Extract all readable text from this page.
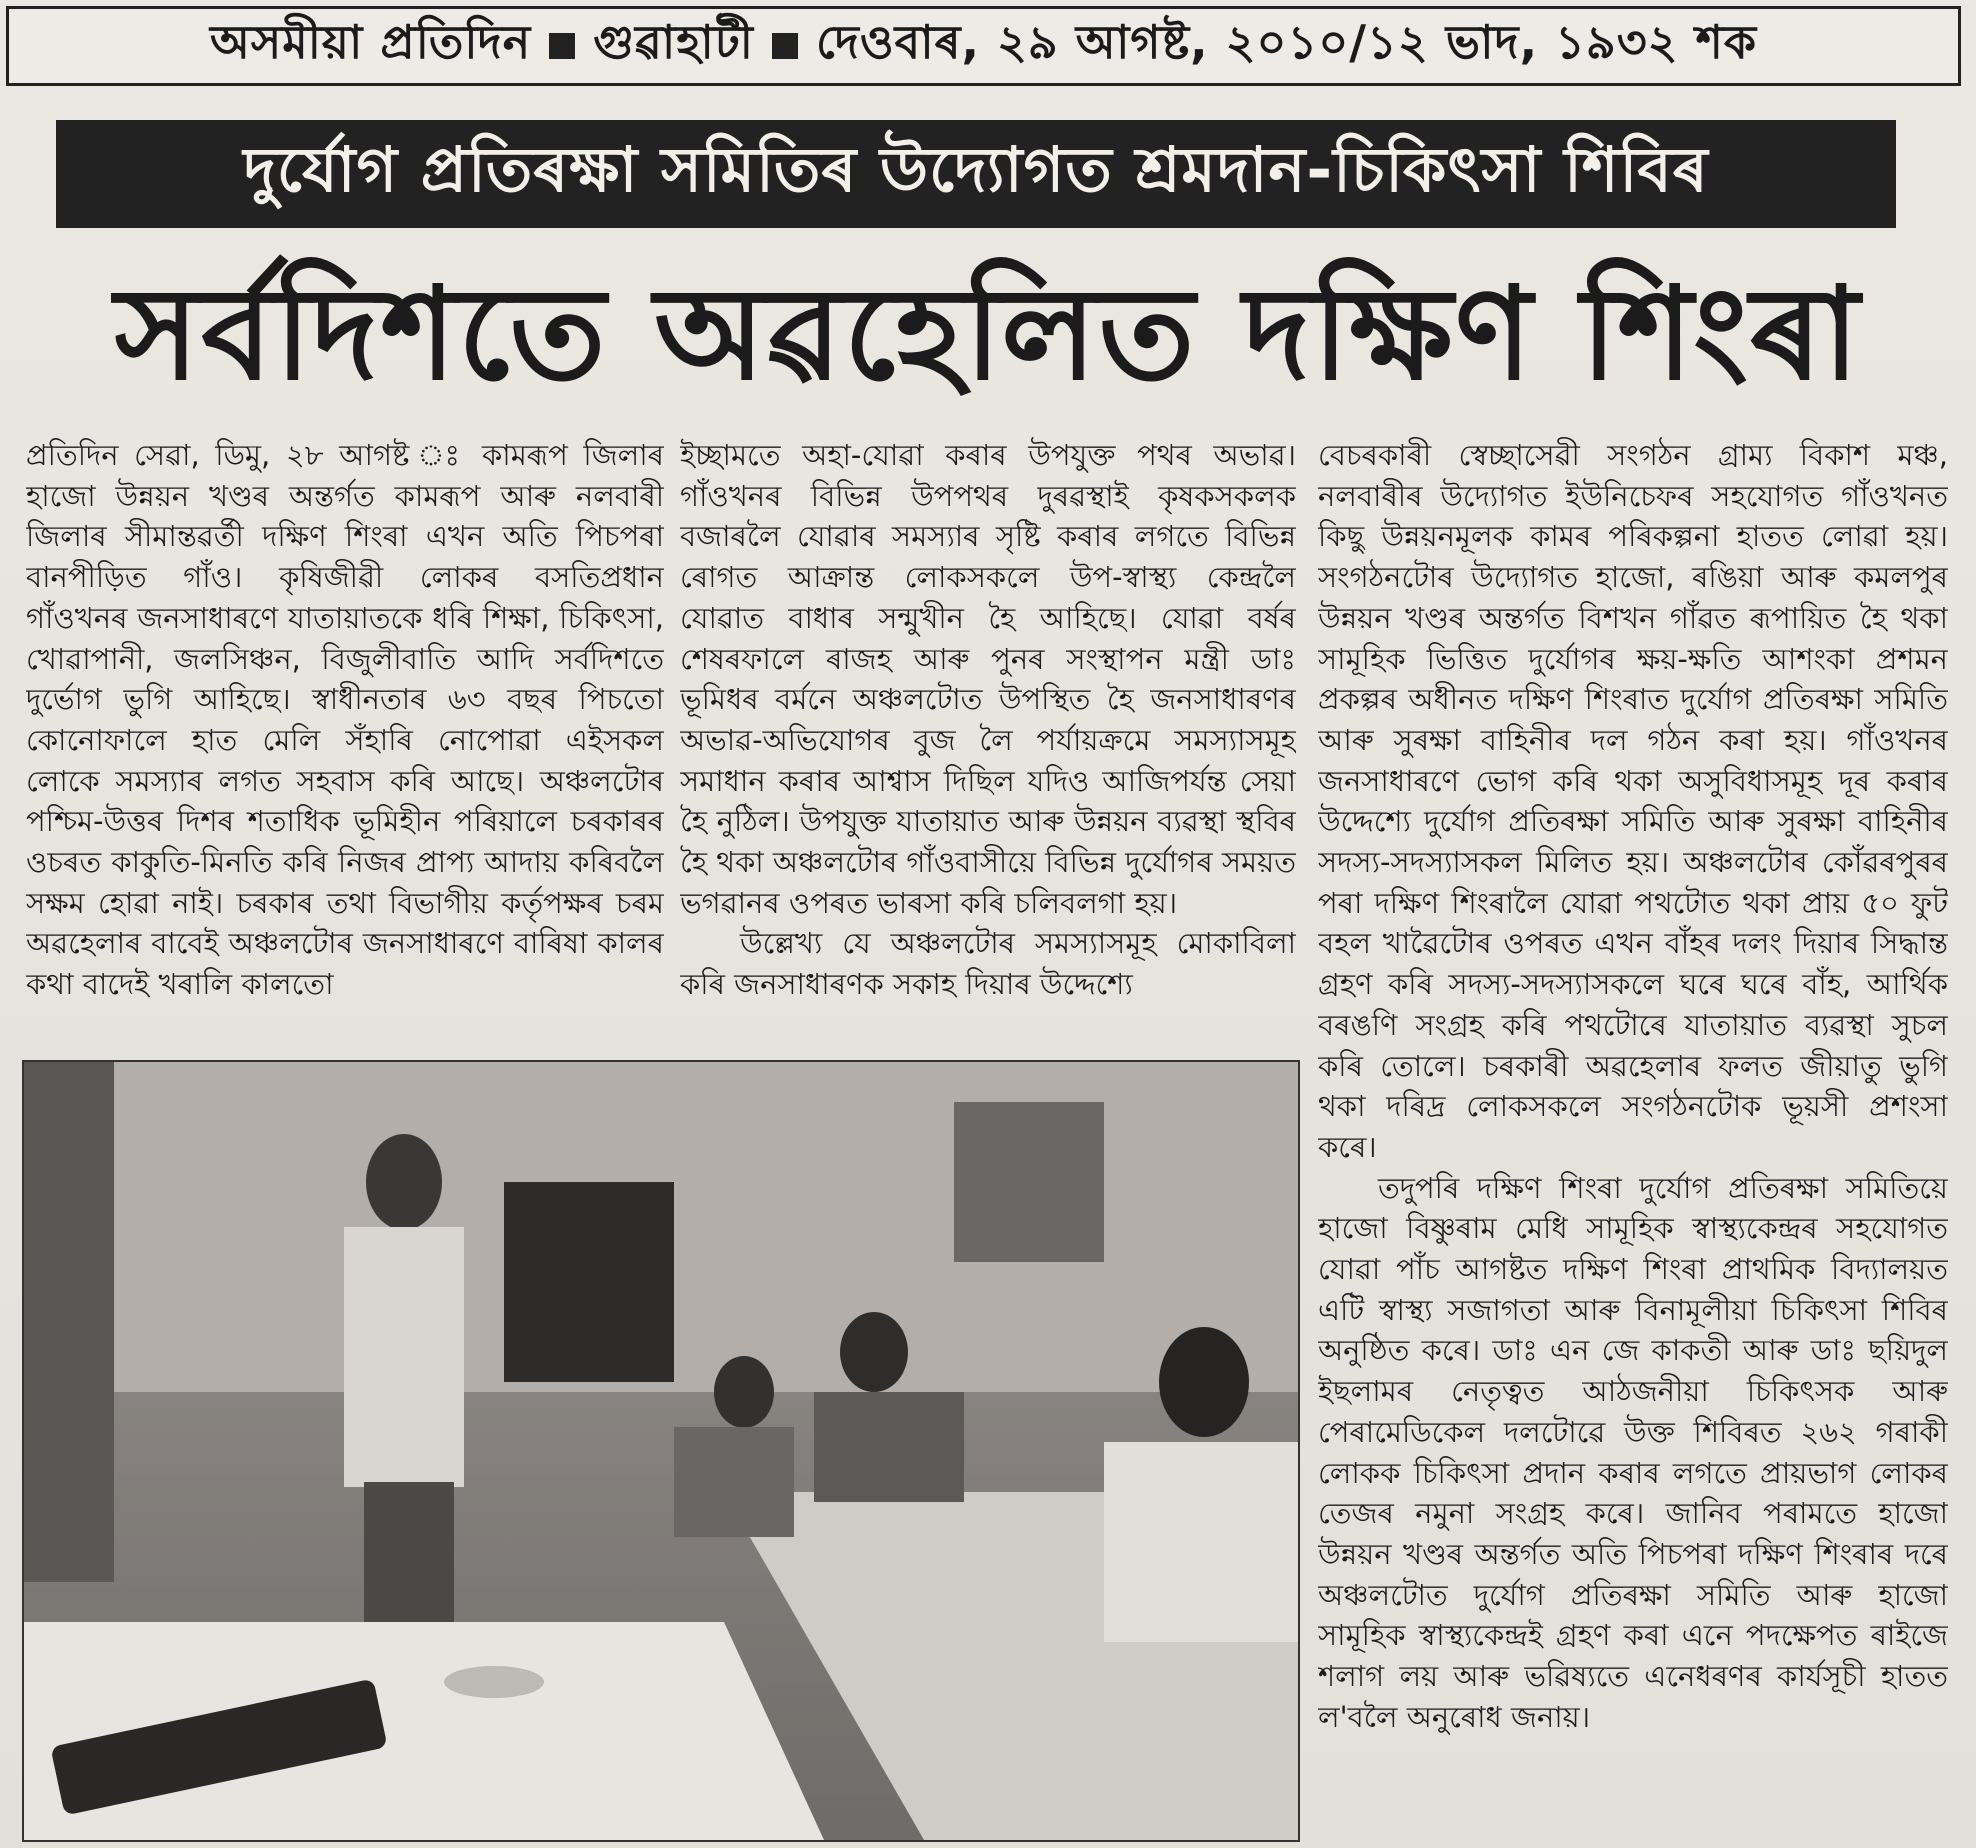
অসমীয়া প্ৰতিদিন গুৱাহাটী দেওবাৰ, ২৯ আগষ্ট, ২০১০/১২ ভাদ, ১৯৩২ শক
দুৰ্যোগ প্ৰতিৰক্ষা সমিতিৰ উদ্যোগত শ্ৰমদান-চিকিৎসা শিবিৰ
সৰ্বদিশতে অৱহেলিত দক্ষিণ শিংৰা

প্ৰতিদিন সেৱা, ডিমু, ২৮ আগষ্ট ঃ কামৰূপ জিলাৰ হাজো উন্নয়ন খণ্ডৰ অন্তৰ্গত কামৰূপ আৰু নলবাৰী জিলাৰ সীমান্তৱৰ্তী দক্ষিণ শিংৰা এখন অতি পিচপৰা বানপীড়িত গাঁও। কৃষিজীৱী লোকৰ বসতিপ্ৰধান গাঁওখনৰ জনসাধাৰণে যাতায়াতকে ধৰি শিক্ষা, চিকিৎসা, খোৱাপানী, জলসিঞ্চন, বিজুলীবাতি আদি সৰ্বদিশতে দুৰ্ভোগ ভুগি আহিছে। স্বাধীনতাৰ ৬৩ বছৰ পিচতো কোনোফালে হাত মেলি সঁহাৰি নোপোৱা এইসকল লোকে সমস্যাৰ লগত সহবাস কৰি আছে। অঞ্চলটোৰ পশ্চিম-উত্তৰ দিশৰ শতাধিক ভূমিহীন পৰিয়ালে চৰকাৰৰ ওচৰত কাকুতি-মিনতি কৰি নিজৰ প্ৰাপ্য আদায় কৰিবলৈ সক্ষম হোৱা নাই। চৰকাৰ তথা বিভাগীয় কৰ্তৃপক্ষৰ চৰম অৱহেলাৰ বাবেই অঞ্চলটোৰ জনসাধাৰণে বাৰিষা কালৰ কথা বাদেই খৰালি কালতো

ইচ্ছামতে অহা-যোৱা কৰাৰ উপযুক্ত পথৰ অভাৱ। গাঁওখনৰ বিভিন্ন উপপথৰ দুৰৱস্থাই কৃষকসকলক বজাৰলৈ যোৱাৰ সমস্যাৰ সৃষ্টি কৰাৰ লগতে বিভিন্ন ৰোগত আক্ৰান্ত লোকসকলে উপ-স্বাস্থ্য কেন্দ্ৰলৈ যোৱাত বাধাৰ সন্মুখীন হৈ আহিছে। যোৱা বৰ্ষৰ শেষৰফালে ৰাজহ আৰু পুনৰ সংস্থাপন মন্ত্ৰী ডাঃ ভূমিধৰ বৰ্মনে অঞ্চলটোত উপস্থিত হৈ জনসাধাৰণৰ অভাৱ-অভিযোগৰ বুজ লৈ পৰ্যায়ক্ৰমে সমস্যাসমূহ সমাধান কৰাৰ আশ্বাস দিছিল যদিও আজিপৰ্যন্ত সেয়া হৈ নুঠিল। উপযুক্ত যাতায়াত আৰু উন্নয়ন ব্যৱস্থা স্থবিৰ হৈ থকা অঞ্চলটোৰ গাঁওবাসীয়ে বিভিন্ন দুৰ্যোগৰ সময়ত ভগৱানৰ ওপৰত ভাৰসা কৰি চলিবলগা হয়।

উল্লেখ্য যে অঞ্চলটোৰ সমস্যাসমূহ মোকাবিলা কৰি জনসাধাৰণক সকাহ দিয়াৰ উদ্দেশ্যে

বেচৰকাৰী স্বেচ্ছাসেৱী সংগঠন গ্ৰাম্য বিকাশ মঞ্চ, নলবাৰীৰ উদ্যোগত ইউনিচেফৰ সহযোগত গাঁওখনত কিছু উন্নয়নমূলক কামৰ পৰিকল্পনা হাতত লোৱা হয়। সংগঠনটোৰ উদ্যোগত হাজো, ৰঙিয়া আৰু কমলপুৰ উন্নয়ন খণ্ডৰ অন্তৰ্গত বিশখন গাঁৱত ৰূপায়িত হৈ থকা সামূহিক ভিত্তিত দুৰ্যোগৰ ক্ষয়-ক্ষতি আশংকা প্ৰশমন প্ৰকল্পৰ অধীনত দক্ষিণ শিংৰাত দুৰ্যোগ প্ৰতিৰক্ষা সমিতি আৰু সুৰক্ষা বাহিনীৰ দল গঠন কৰা হয়। গাঁওখনৰ জনসাধাৰণে ভোগ কৰি থকা অসুবিধাসমূহ দূৰ কৰাৰ উদ্দেশ্যে দুৰ্যোগ প্ৰতিৰক্ষা সমিতি আৰু সুৰক্ষা বাহিনীৰ সদস্য-সদস্যাসকল মিলিত হয়। অঞ্চলটোৰ কোঁৱৰপুৰৰ পৰা দক্ষিণ শিংৰালৈ যোৱা পথটোত থকা প্ৰায় ৫০ ফুট বহল খাৱৈটোৰ ওপৰত এখন বাঁহৰ দলং দিয়াৰ সিদ্ধান্ত গ্ৰহণ কৰি সদস্য-সদস্যাসকলে ঘৰে ঘৰে বাঁহ, আৰ্থিক বৰঙণি সংগ্ৰহ কৰি পথটোৰে যাতায়াত ব্যৱস্থা সুচল কৰি তোলে। চৰকাৰী অৱহেলাৰ ফলত জীয়াতু ভুগি থকা দৰিদ্ৰ লোকসকলে সংগঠনটোক ভূয়সী প্ৰশংসা কৰে।

তদুপৰি দক্ষিণ শিংৰা দুৰ্যোগ প্ৰতিৰক্ষা সমিতিয়ে হাজো বিষ্ণুৰাম মেধি সামূহিক স্বাস্থ্যকেন্দ্ৰৰ সহযোগত যোৱা পাঁচ আগষ্টত দক্ষিণ শিংৰা প্ৰাথমিক বিদ্যালয়ত এটি স্বাস্থ্য সজাগতা আৰু বিনামূলীয়া চিকিৎসা শিবিৰ অনুষ্ঠিত কৰে। ডাঃ এন জে কাকতী আৰু ডাঃ ছয়িদুল ইছলামৰ নেতৃত্বত আঠজনীয়া চিকিৎসক আৰু পেৰামেডিকেল দলটোৱে উক্ত শিবিৰত ২৬২ গৰাকী লোকক চিকিৎসা প্ৰদান কৰাৰ লগতে প্ৰায়ভাগ লোকৰ তেজৰ নমুনা সংগ্ৰহ কৰে। জানিব পৰামতে হাজো উন্নয়ন খণ্ডৰ অন্তৰ্গত অতি পিচপৰা দক্ষিণ শিংৰাৰ দৰে অঞ্চলটোত দুৰ্যোগ প্ৰতিৰক্ষা সমিতি আৰু হাজো সামূহিক স্বাস্থ্যকেন্দ্ৰই গ্ৰহণ কৰা এনে পদক্ষেপত ৰাইজে শলাগ লয় আৰু ভৱিষ্যতে এনেধৰণৰ কাৰ্যসূচী হাতত ল'বলৈ অনুৰোধ জনায়।
